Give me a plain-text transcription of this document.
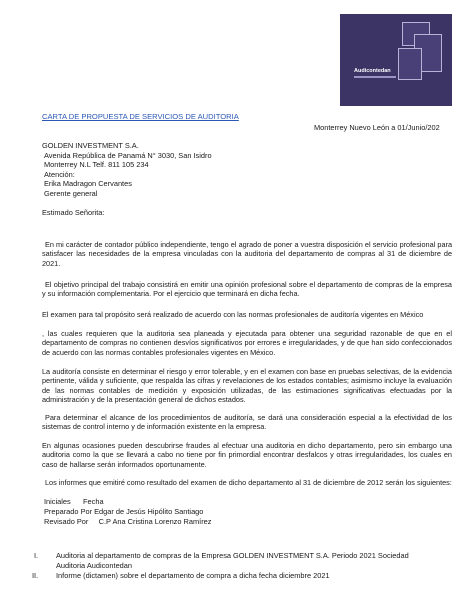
Audicontedan
CARTA DE PROPUESTA DE SERVICIOS DE AUDITORIA
Monterrey Nuevo León a 01/Junio/202
GOLDEN INVESTMENT S.A.
Avenida República de Panamá N° 3030, San Isidro
Monterrey N.L Telf. 811 105 234
Atención:
Erika Madragon Cervantes
Gerente general
Estimado Señorita:
En mi carácter de contador público independiente, tengo el agrado de poner a vuestra disposición el servicio profesional para satisfacer las necesidades de la empresa vinculadas con la auditoria del departamento de compras al 31 de diciembre de 2021.
El objetivo principal del trabajo consistirá en emitir una opinión profesional sobre el departamento de compras de la empresa y su información complementaria. Por el ejercicio que terminará en dicha fecha.
El examen para tal propósito será realizado de acuerdo con las normas profesionales de auditoría vigentes en México
, las cuales requieren que la auditoria sea planeada y ejecutada para obtener una seguridad razonable de que en el departamento de compras no contienen desvíos significativos por errores e irregularidades, y de que han sido confeccionados de acuerdo con las normas contables profesionales vigentes en México.
La auditoría consiste en determinar el riesgo y error tolerable, y en el examen con base en pruebas selectivas, de la evidencia pertinente, válida y suficiente, que respalda las cifras y revelaciones de los estados contables; asimismo incluye la evaluación de las normas contables de medición y exposición utilizadas, de las estimaciones significativas efectuadas por la administración y de la presentación general de dichos estados.
Para determinar el alcance de los procedimientos de auditoría, se dará una consideración especial a la efectividad de los sistemas de control interno y de información existente en la empresa.
En algunas ocasiones pueden descubrirse fraudes al efectuar una auditoria en dicho departamento, pero sin embargo una auditoria como la que se llevará a cabo no tiene por fin primordial encontrar desfalcos y otras irregularidades, los cuales en caso de hallarse serán informados oportunamente.
Los informes que emitiré como resultado del examen de dicho departamento al 31 de diciembre de 2012 serán los siguientes:
Iniciales      Fecha
Preparado Por Edgar de Jesús Hipólito Santiago
Revisado Por     C.P Ana Cristina Lorenzo Ramírez
I. Auditoria al departamento de compras de la Empresa GOLDEN INVESTMENT S.A. Periodo 2021 Sociedad
Auditoria Audicontedan
II. Informe (dictamen) sobre el departamento de compra a dicha fecha diciembre 2021
